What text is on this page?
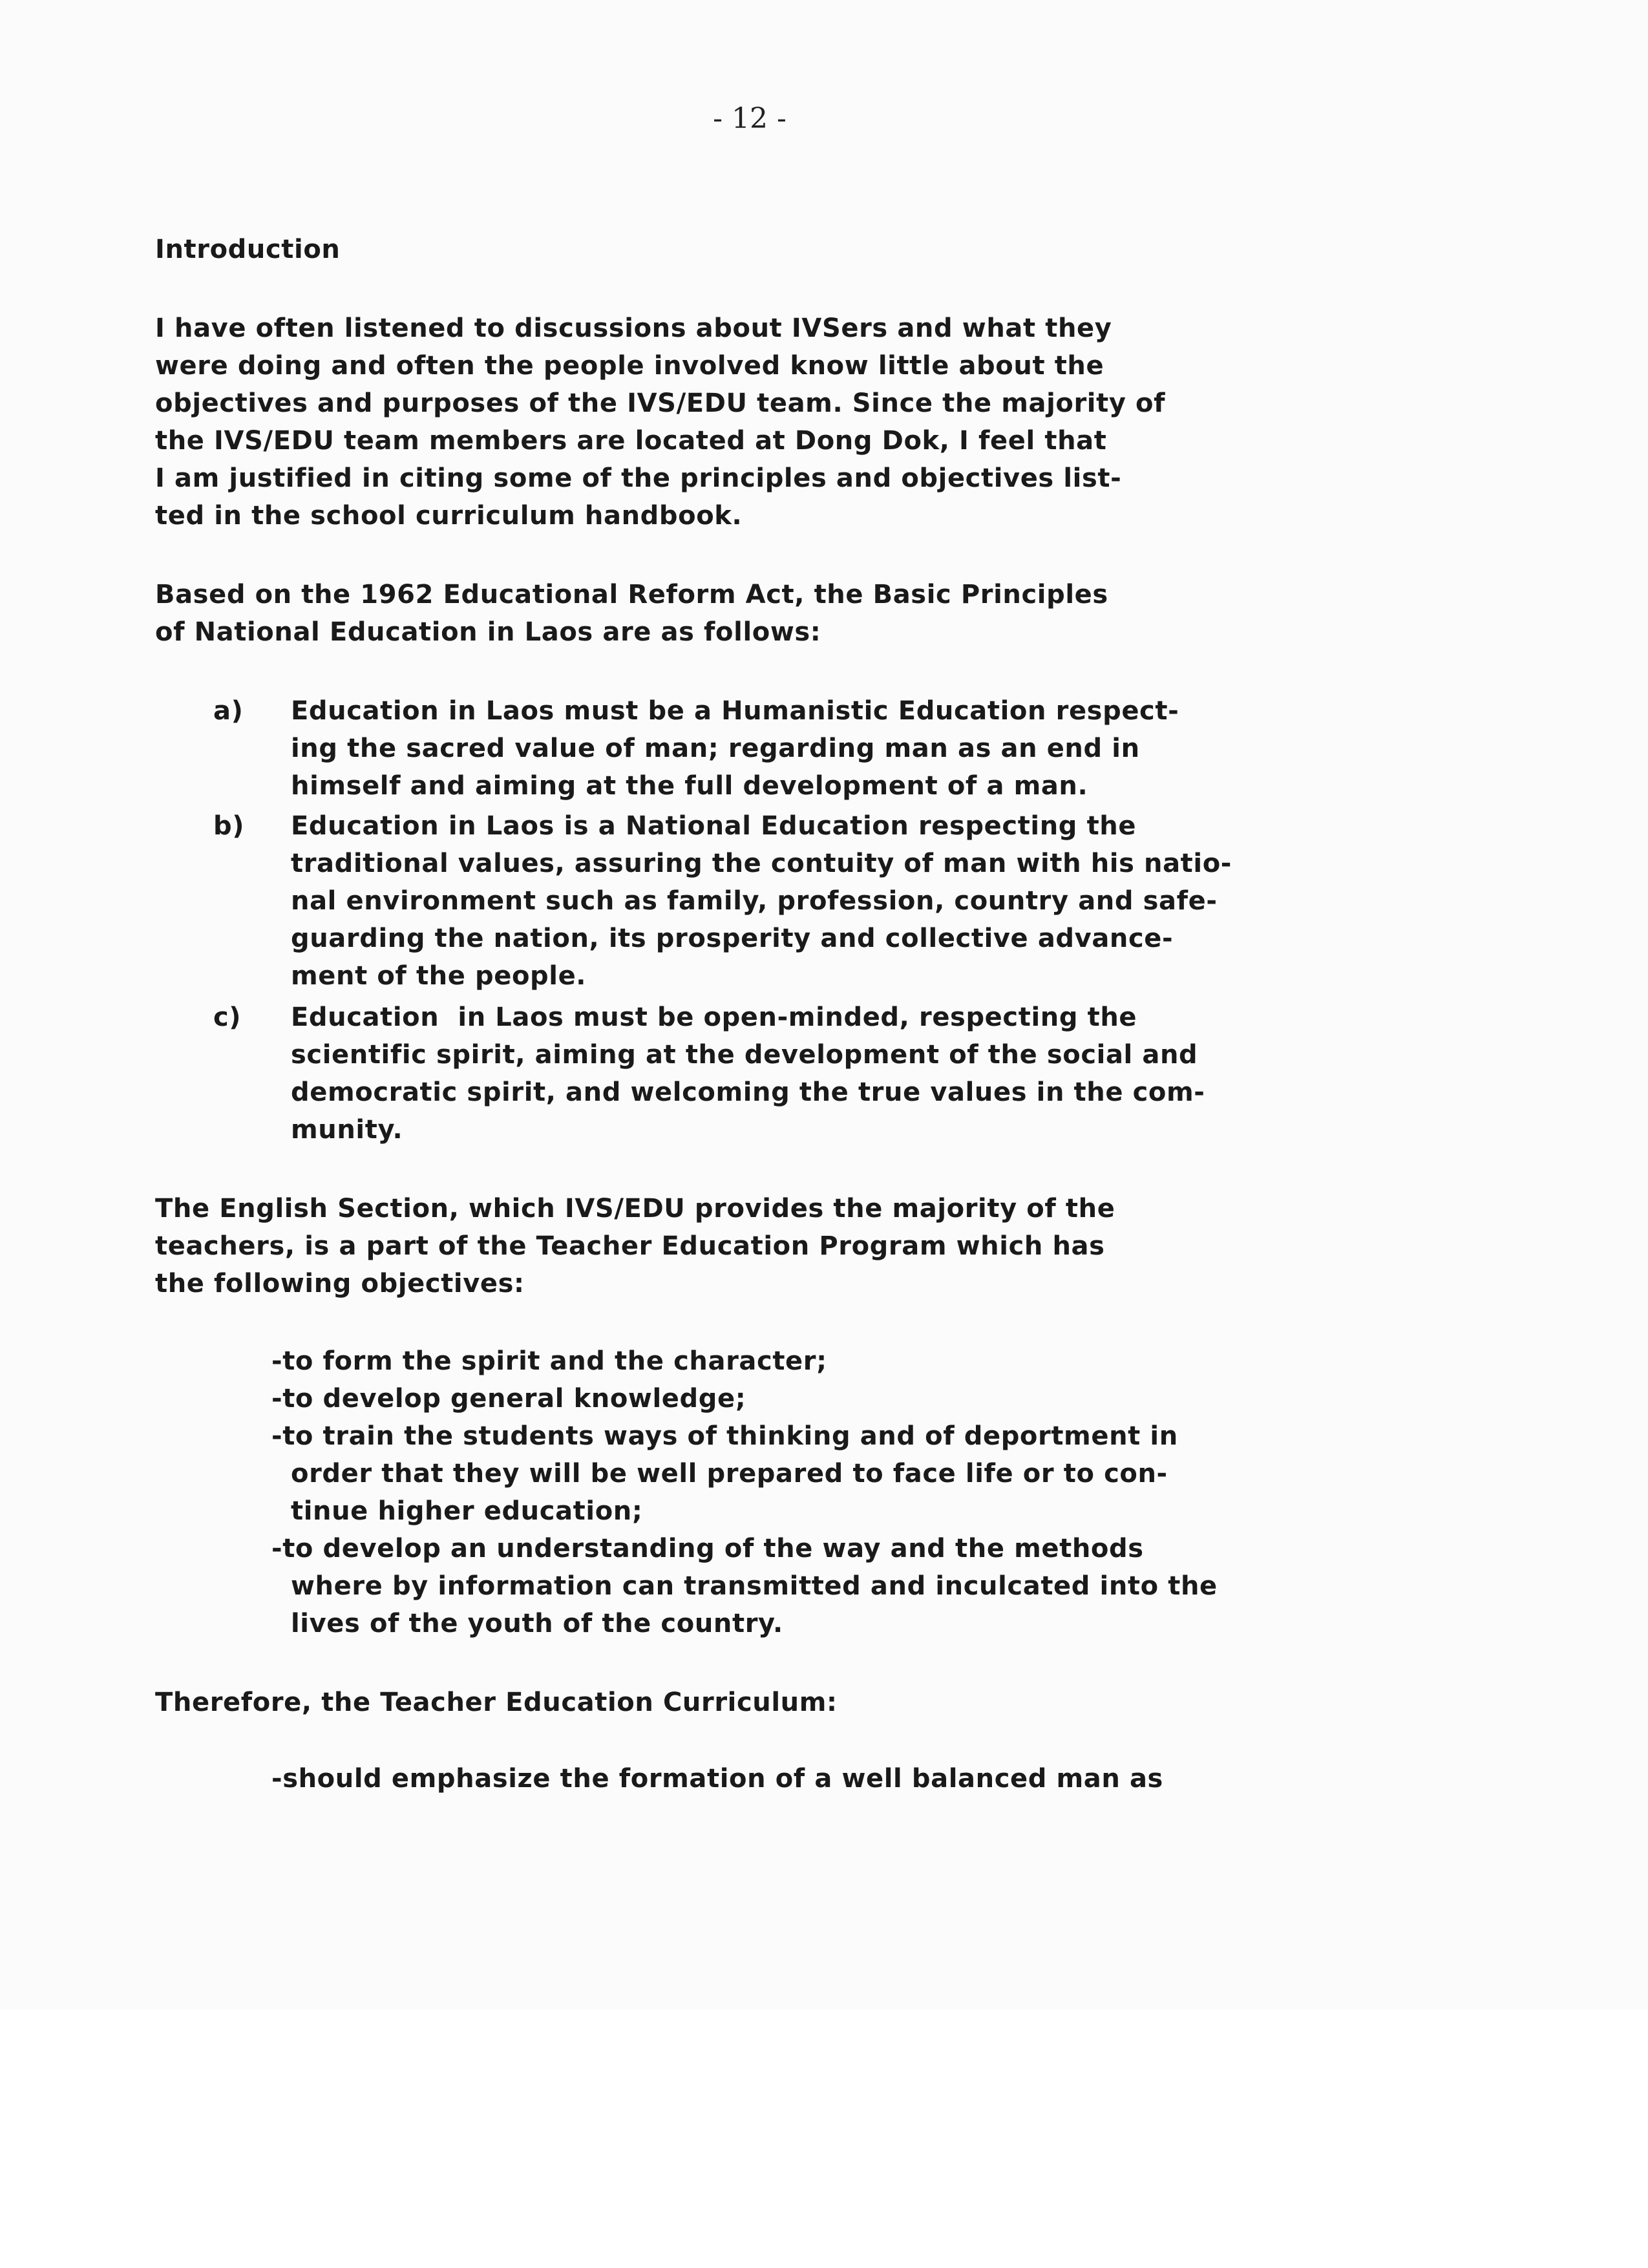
- 12 -
Introduction
I have often listened to discussions about IVSers and what they
were doing and often the people involved know little about the
objectives and purposes of the IVS/EDU team. Since the majority of
the IVS/EDU team members are located at Dong Dok, I feel that
I am justified in citing some of the principles and objectives list-
ted in the school curriculum handbook.
Based on the 1962 Educational Reform Act, the Basic Principles
of National Education in Laos are as follows:
a) Education in Laos must be a Humanistic Education respect-
ing the sacred value of man; regarding man as an end in
himself and aiming at the full development of a man.
b) Education in Laos is a National Education respecting the
traditional values, assuring the contuity of man with his natio-
nal environment such as family, profession, country and safe-
guarding the nation, its prosperity and collective advance-
ment of the people.
c) Education  in Laos must be open-minded, respecting the
scientific spirit, aiming at the development of the social and
democratic spirit, and welcoming the true values in the com-
munity.
The English Section, which IVS/EDU provides the majority of the
teachers, is a part of the Teacher Education Program which has
the following objectives:
-to form the spirit and the character;
-to develop general knowledge;
-to train the students ways of thinking and of deportment in
order that they will be well prepared to face life or to con-
tinue higher education;
-to develop an understanding of the way and the methods
where by information can transmitted and inculcated into the
lives of the youth of the country.
Therefore, the Teacher Education Curriculum:
-should emphasize the formation of a well balanced man as
